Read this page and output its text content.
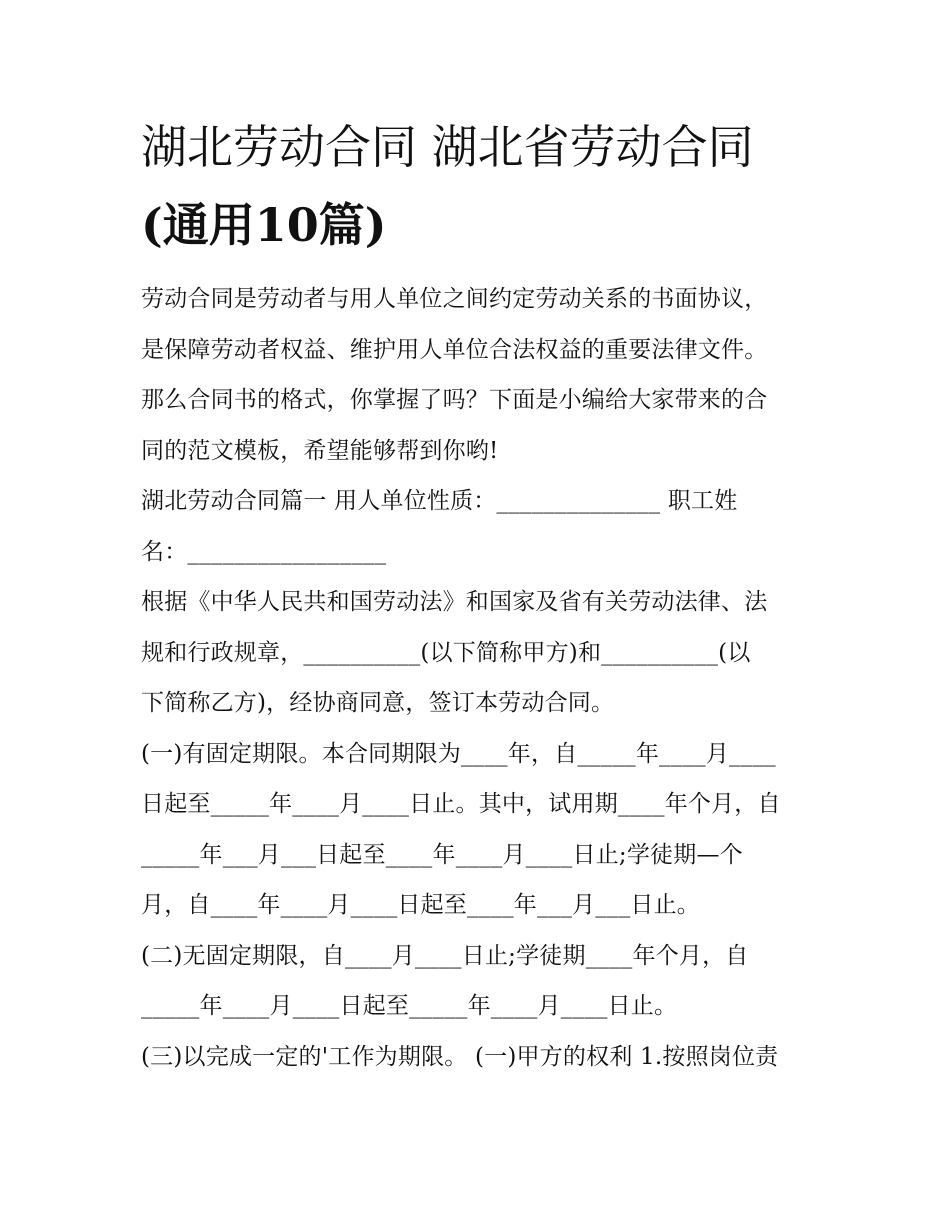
湖北劳动合同 湖北省劳动合同
(通用10篇)

劳动合同是劳动者与用人单位之间约定劳动关系的书面协议，

是保障劳动者权益、维护用人单位合法权益的重要法律文件。

那么合同书的格式，你掌握了吗？下面是小编给大家带来的合

同的范文模板，希望能够帮到你哟!

湖北劳动合同篇一 用人单位性质：______________ 职工姓

名：_________________

根据《中华人民共和国劳动法》和国家及省有关劳动法律、法

规和行政规章，__________(以下简称甲方)和__________(以

下简称乙方)，经协商同意，签订本劳动合同。

(一)有固定期限。本合同期限为____年，自_____年____月____

日起至_____年____月____日止。其中，试用期____年个月，自

_____年___月___日起至____年____月____日止;学徒期—个

月，自____年____月____日起至____年___月___日止。

(二)无固定期限，自____月____日止;学徒期____年个月，自

_____年____月____日起至_____年____月____日止。

(三)以完成一定的'工作为期限。 (一)甲方的权利 1.按照岗位责
